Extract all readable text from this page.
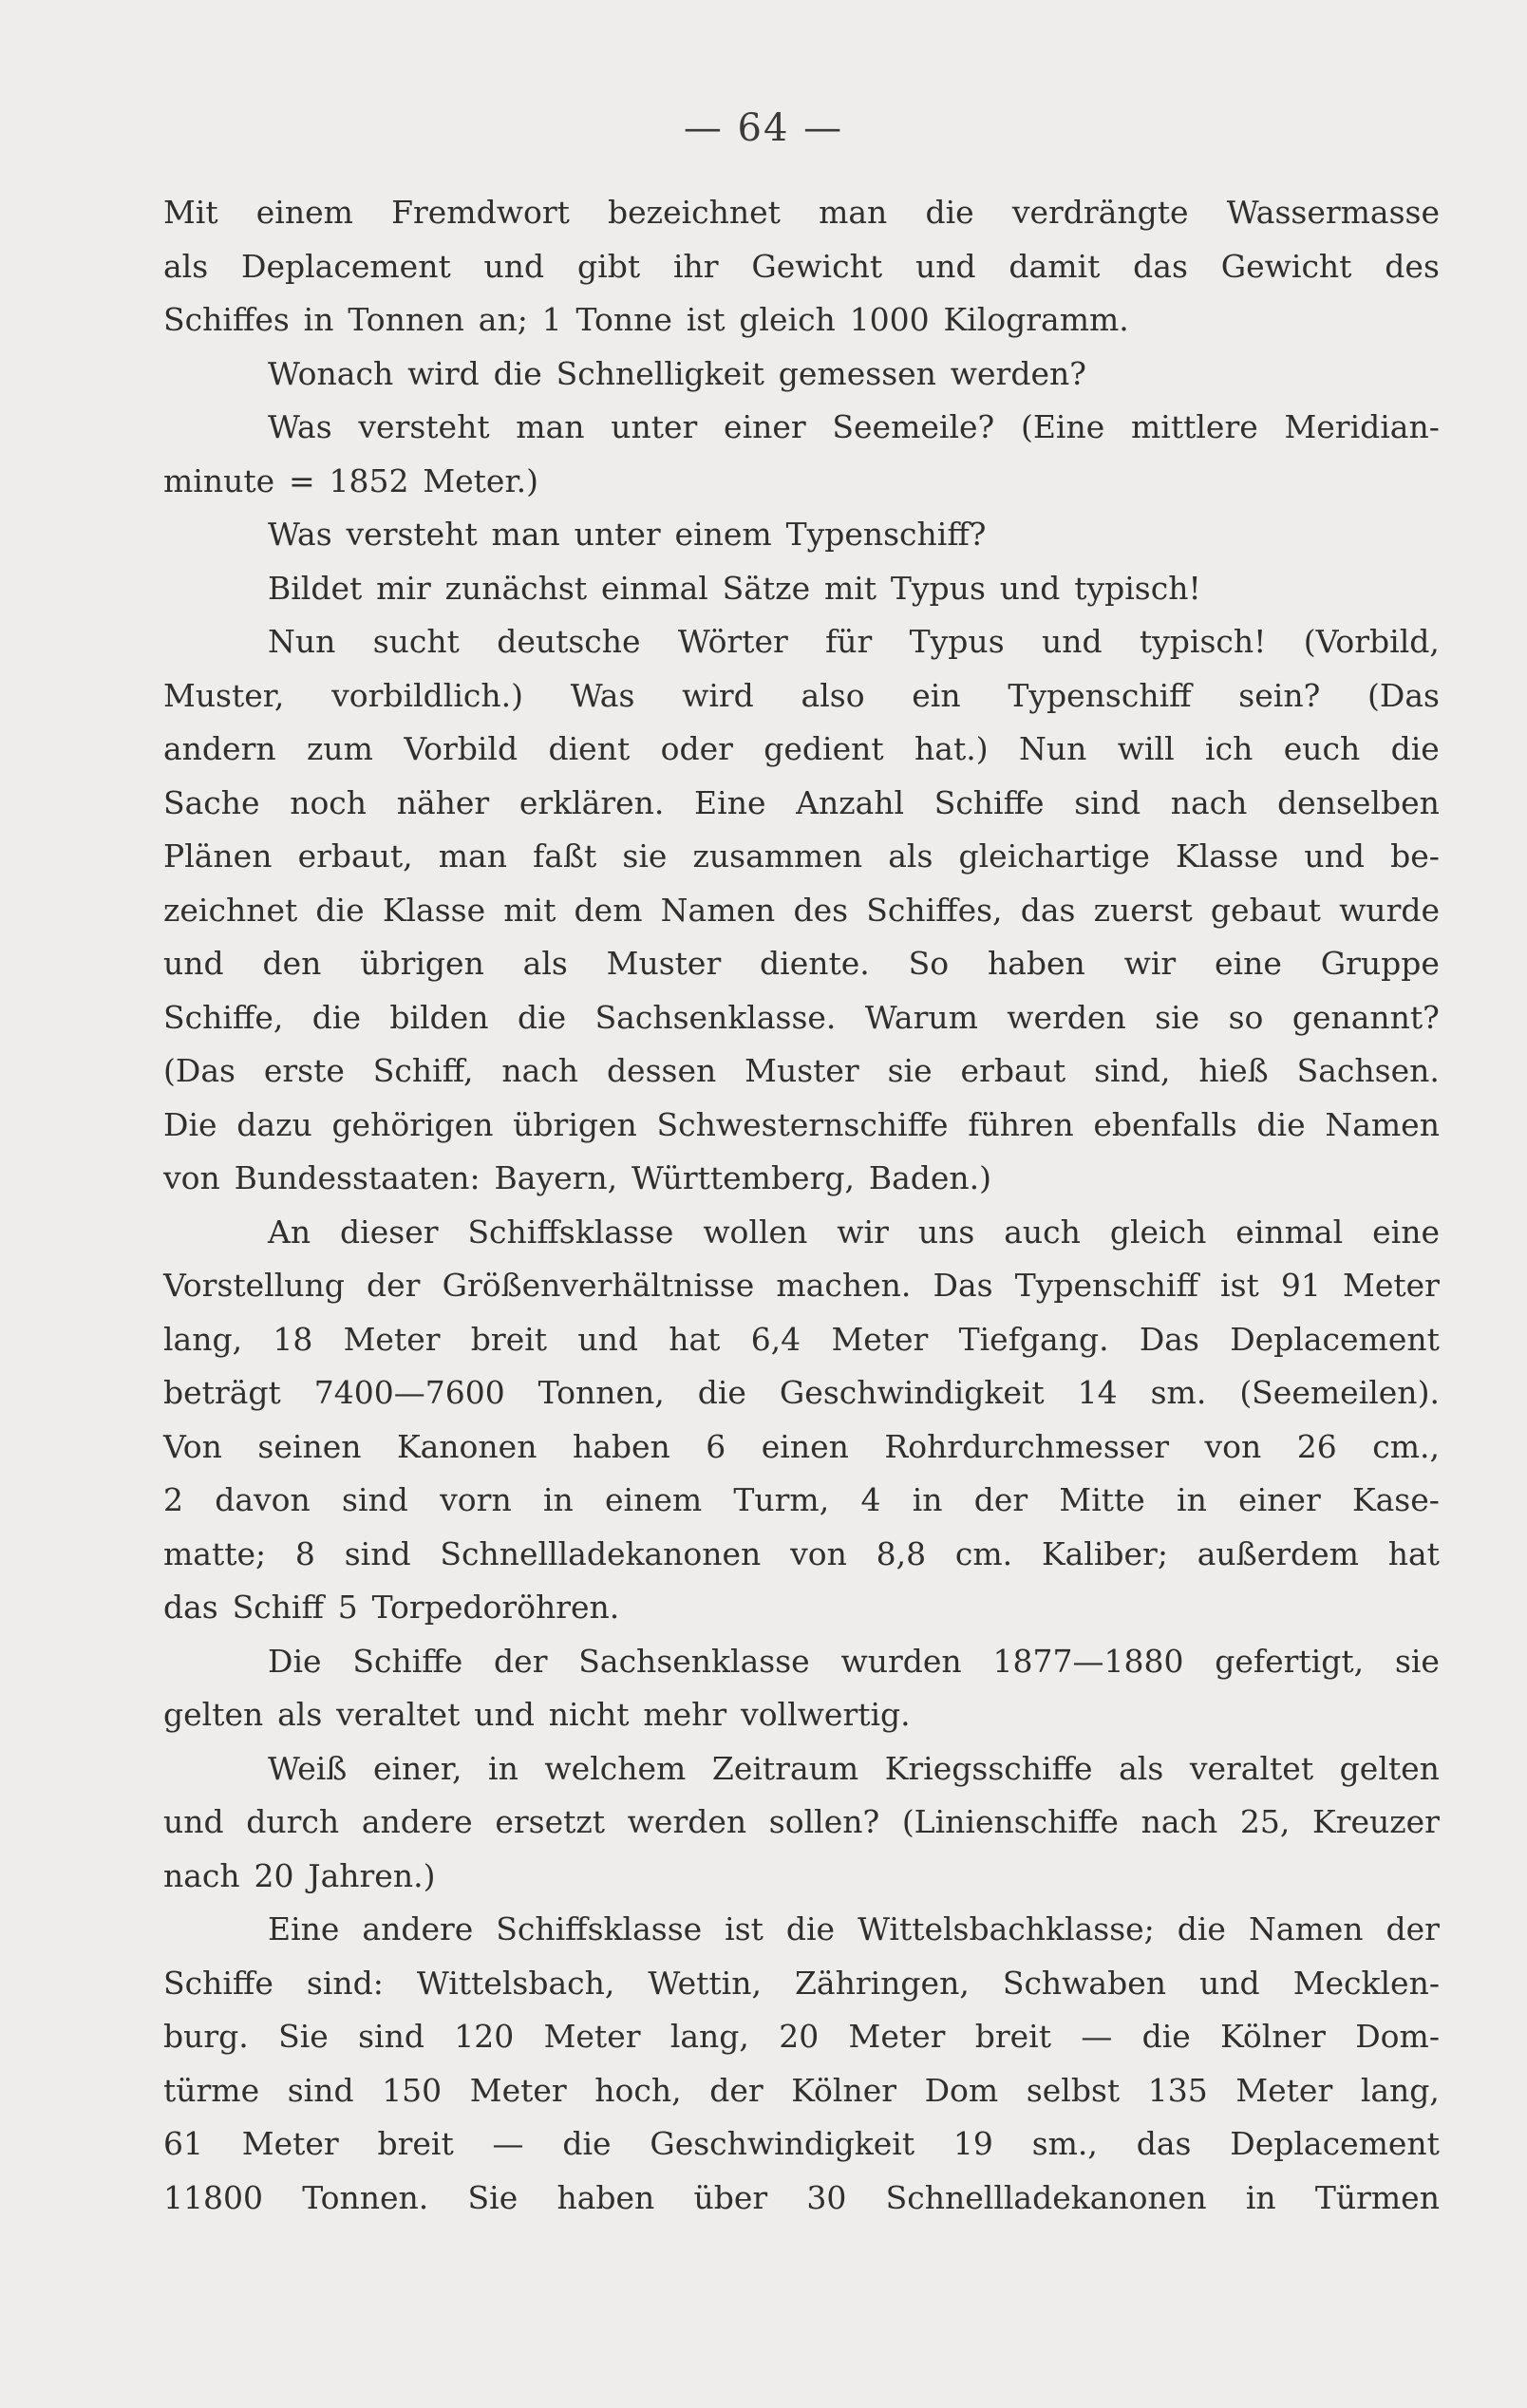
— 64 —
Mit einem Fremdwort bezeichnet man die verdrängte Wassermasse
als Deplacement und gibt ihr Gewicht und damit das Gewicht des
Schiffes in Tonnen an; 1 Tonne ist gleich 1000 Kilogramm.
Wonach wird die Schnelligkeit gemessen werden?
Was versteht man unter einer Seemeile? (Eine mittlere Meridian-
minute = 1852 Meter.)
Was versteht man unter einem Typenschiff?
Bildet mir zunächst einmal Sätze mit Typus und typisch!
Nun sucht deutsche Wörter für Typus und typisch! (Vorbild,
Muster, vorbildlich.) Was wird also ein Typenschiff sein? (Das
andern zum Vorbild dient oder gedient hat.) Nun will ich euch die
Sache noch näher erklären. Eine Anzahl Schiffe sind nach denselben
Plänen erbaut, man faßt sie zusammen als gleichartige Klasse und be-
zeichnet die Klasse mit dem Namen des Schiffes, das zuerst gebaut wurde
und den übrigen als Muster diente. So haben wir eine Gruppe
Schiffe, die bilden die Sachsenklasse. Warum werden sie so genannt?
(Das erste Schiff, nach dessen Muster sie erbaut sind, hieß Sachsen.
Die dazu gehörigen übrigen Schwesternschiffe führen ebenfalls die Namen
von Bundesstaaten: Bayern, Württemberg, Baden.)
An dieser Schiffsklasse wollen wir uns auch gleich einmal eine
Vorstellung der Größenverhältnisse machen. Das Typenschiff ist 91 Meter
lang, 18 Meter breit und hat 6,4 Meter Tiefgang. Das Deplacement
beträgt 7400—7600 Tonnen, die Geschwindigkeit 14 sm. (Seemeilen).
Von seinen Kanonen haben 6 einen Rohrdurchmesser von 26 cm.,
2 davon sind vorn in einem Turm, 4 in der Mitte in einer Kase-
matte; 8 sind Schnellladekanonen von 8,8 cm. Kaliber; außerdem hat
das Schiff 5 Torpedoröhren.
Die Schiffe der Sachsenklasse wurden 1877—1880 gefertigt, sie
gelten als veraltet und nicht mehr vollwertig.
Weiß einer, in welchem Zeitraum Kriegsschiffe als veraltet gelten
und durch andere ersetzt werden sollen? (Linienschiffe nach 25, Kreuzer
nach 20 Jahren.)
Eine andere Schiffsklasse ist die Wittelsbachklasse; die Namen der
Schiffe sind: Wittelsbach, Wettin, Zähringen, Schwaben und Mecklen-
burg. Sie sind 120 Meter lang, 20 Meter breit — die Kölner Dom-
türme sind 150 Meter hoch, der Kölner Dom selbst 135 Meter lang,
61 Meter breit — die Geschwindigkeit 19 sm., das Deplacement
11800 Tonnen. Sie haben über 30 Schnellladekanonen in Türmen
